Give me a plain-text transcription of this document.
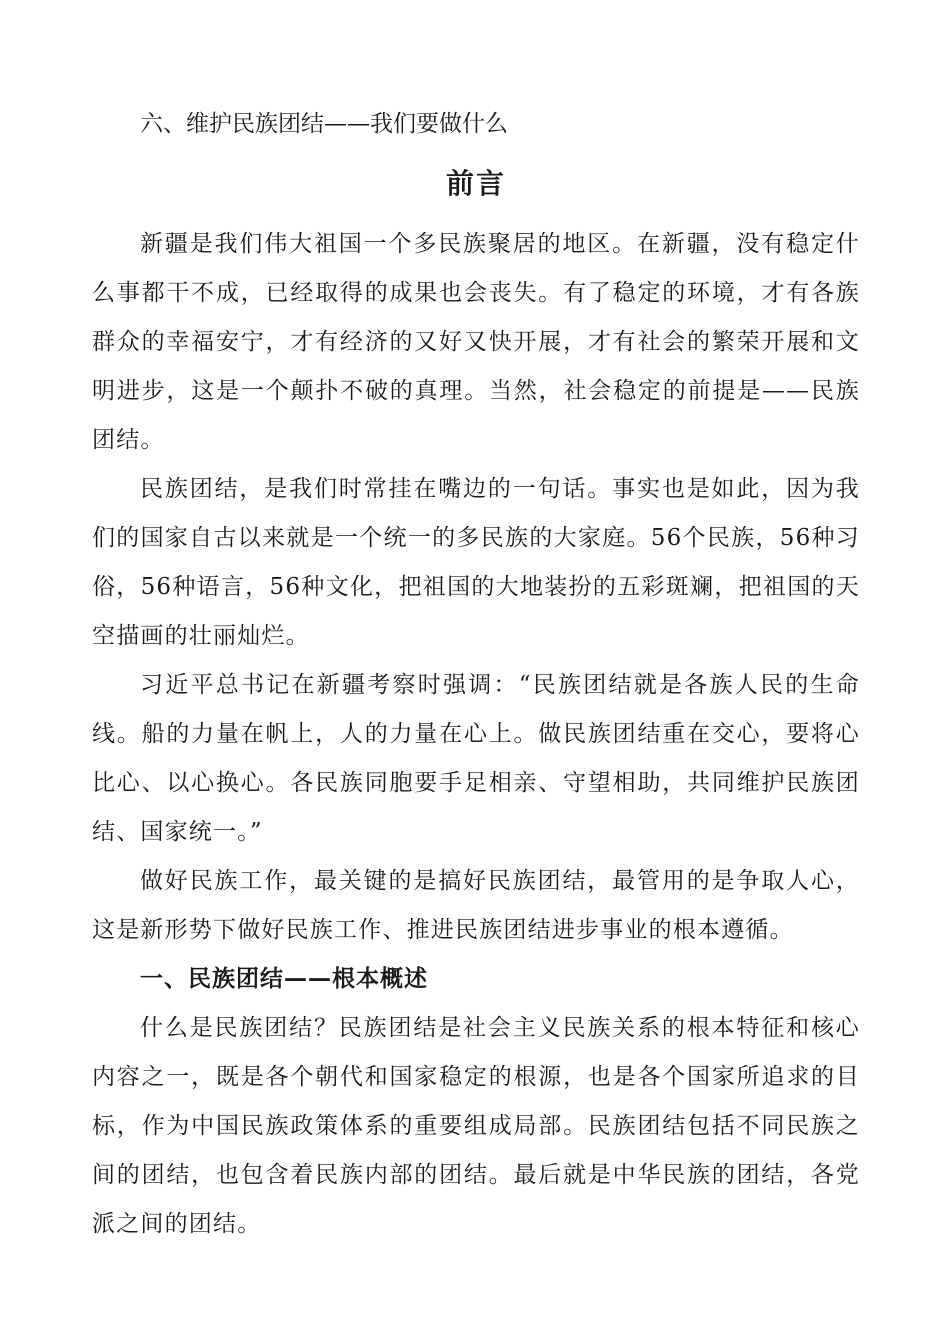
六、维护民族团结——我们要做什么

前言

新疆是我们伟大祖国一个多民族聚居的地区。在新疆，没有稳定什么事都干不成，已经取得的成果也会丧失。有了稳定的环境，才有各族群众的幸福安宁，才有经济的又好又快开展，才有社会的繁荣开展和文明进步，这是一个颠扑不破的真理。当然，社会稳定的前提是——民族团结。

民族团结，是我们时常挂在嘴边的一句话。事实也是如此，因为我们的国家自古以来就是一个统一的多民族的大家庭。56个民族，56种习俗，56种语言，56种文化，把祖国的大地装扮的五彩斑斓，把祖国的天空描画的壮丽灿烂。

习近平总书记在新疆考察时强调：“民族团结就是各族人民的生命线。船的力量在帆上，人的力量在心上。做民族团结重在交心，要将心比心、以心换心。各民族同胞要手足相亲、守望相助，共同维护民族团结、国家统一。”

做好民族工作，最关键的是搞好民族团结，最管用的是争取人心，这是新形势下做好民族工作、推进民族团结进步事业的根本遵循。

一、民族团结——根本概述

什么是民族团结？民族团结是社会主义民族关系的根本特征和核心内容之一，既是各个朝代和国家稳定的根源，也是各个国家所追求的目标，作为中国民族政策体系的重要组成局部。民族团结包括不同民族之间的团结，也包含着民族内部的团结。最后就是中华民族的团结，各党派之间的团结。
